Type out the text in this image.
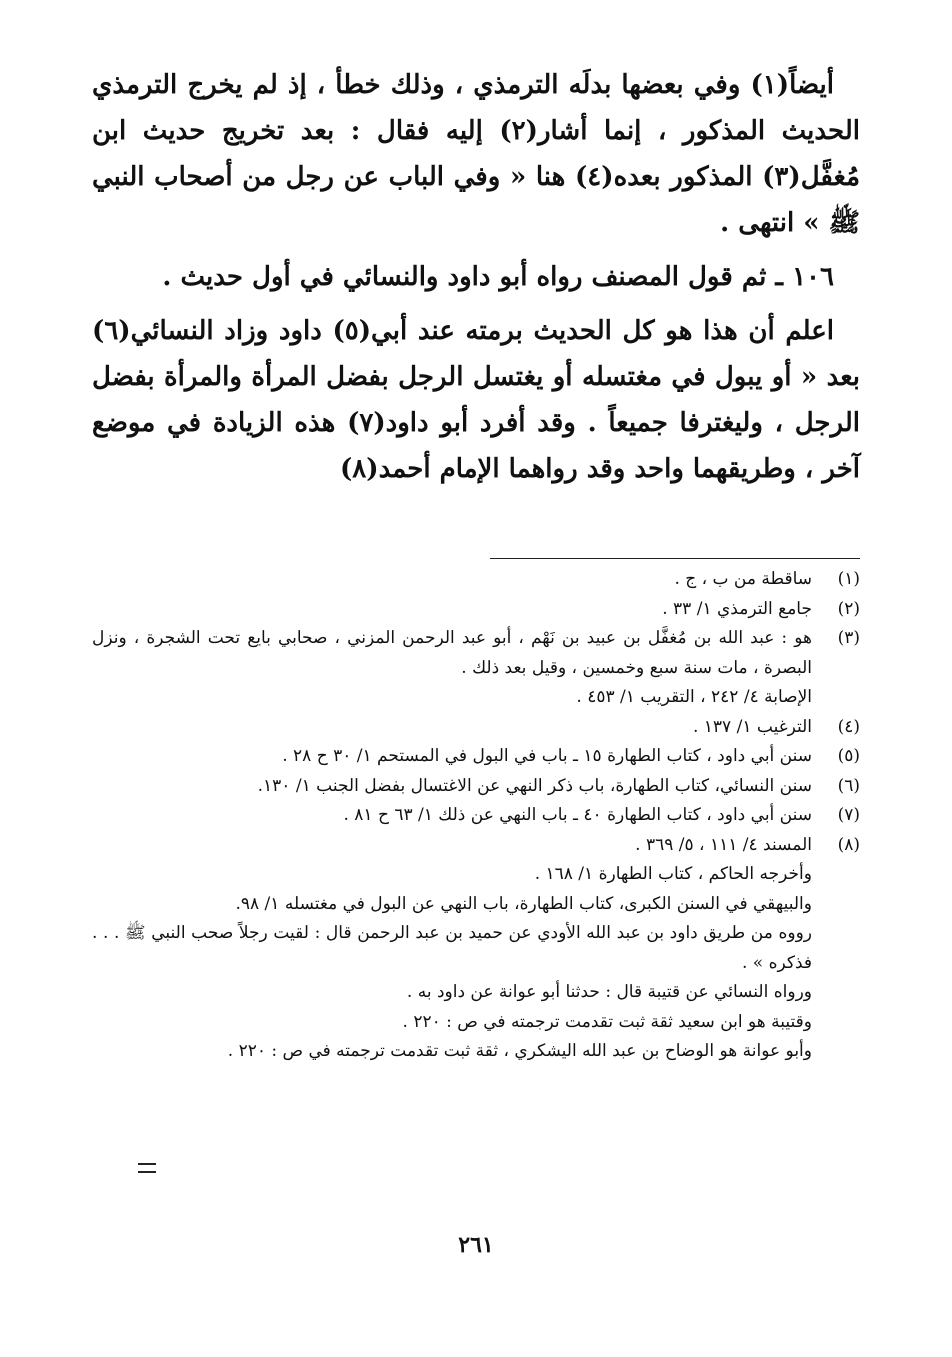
أيضاً(١) وفي بعضها بدلَه الترمذي ، وذلك خطأ ، إذ لم يخرج الترمذي الحديث المذكور ، إنما أشار(٢) إليه فقال : بعد تخريج حديث ابن مُغفَّل(٣) المذكور بعده(٤) هنا « وفي الباب عن رجل من أصحاب النبي ﷺ » انتهى .

١٠٦ ـ ثم قول المصنف رواه أبو داود والنسائي في أول حديث .

اعلم أن هذا هو كل الحديث برمته عند أبي(٥) داود وزاد النسائي(٦) بعد « أو يبول في مغتسله أو يغتسل الرجل بفضل المرأة والمرأة بفضل الرجل ، وليغترفا جميعاً . وقد أفرد أبو داود(٧) هذه الزيادة في موضع آخر ، وطريقهما واحد وقد رواهما الإمام أحمد(٨)

(١)
ساقطة من ب ، ج .
(٢)
جامع الترمذي ١/ ٣٣ .
(٣)
هو : عبد الله بن مُغفَّل بن عبيد بن نَهْم ، أبو عبد الرحمن المزني ، صحابي بايع تحت الشجرة ، ونزل البصرة ، مات سنة سبع وخمسين ، وقيل بعد ذلك .

الإصابة ٤/ ٢٤٢ ، التقريب ١/ ٤٥٣ .

(٤)
الترغيب ١/ ١٣٧ .
(٥)
سنن أبي داود ، كتاب الطهارة ١٥ ـ باب في البول في المستحم ١/ ٣٠ ح ٢٨ .
(٦)
سنن النسائي، كتاب الطهارة، باب ذكر النهي عن الاغتسال بفضل الجنب ١/ ١٣٠.
(٧)
سنن أبي داود ، كتاب الطهارة ٤٠ ـ باب النهي عن ذلك ١/ ٦٣ ح ٨١ .
(٨)
المسند ٤/ ١١١ ، ٥/ ٣٦٩ .

وأخرجه الحاكم ، كتاب الطهارة ١/ ١٦٨ .

والبيهقي في السنن الكبرى، كتاب الطهارة، باب النهي عن البول في مغتسله ١/ ٩٨.

رووه من طريق داود بن عبد الله الأودي عن حميد بن عبد الرحمن قال : لقيت رجلاً صحب النبي ﷺ . . . فذكره » .

ورواه النسائي عن قتيبة قال : حدثنا أبو عوانة عن داود به .

وقتيبة هو ابن سعيد ثقة ثبت تقدمت ترجمته في ص : ٢٢٠ .

وأبو عوانة هو الوضاح بن عبد الله اليشكري ، ثقة ثبت تقدمت ترجمته في ص : ٢٢٠ .

٢٦١
